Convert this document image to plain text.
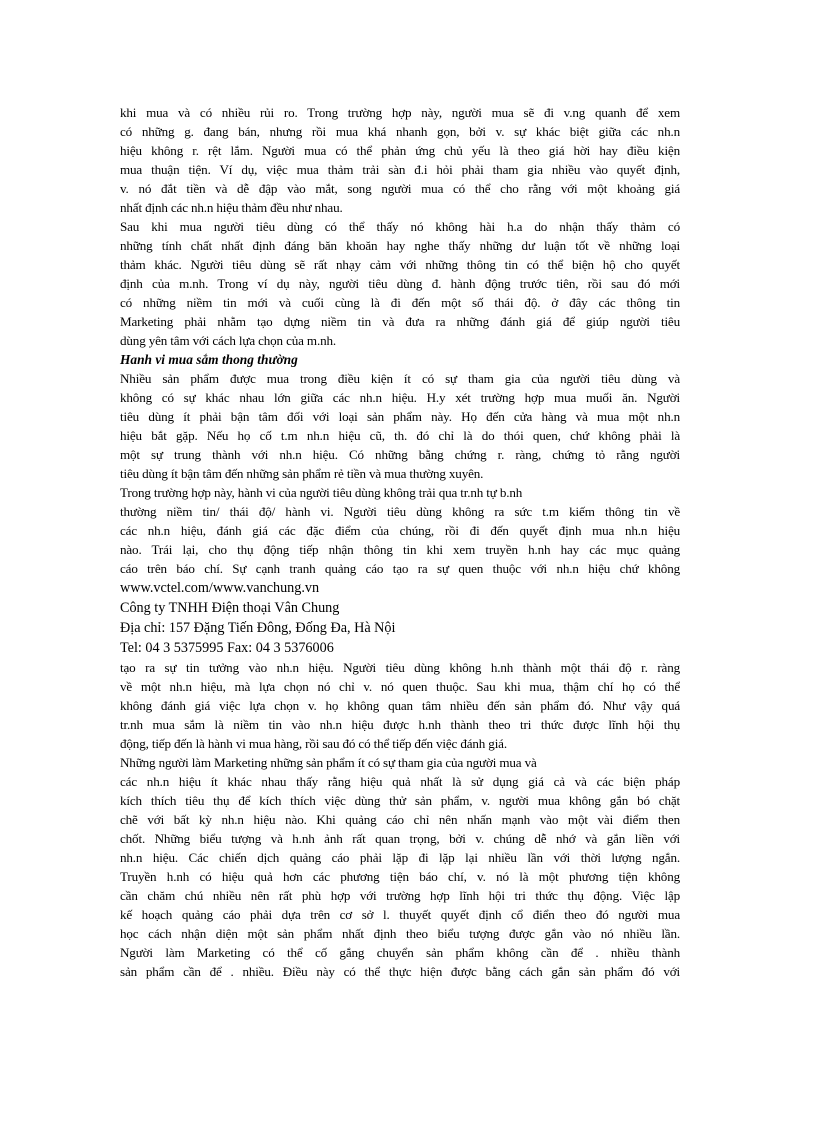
khi mua và có nhiều rủi ro. Trong trường hợp này, người mua sẽ đi v.ng quanh để xem
có những g. đang bán, nhưng rồi mua khá nhanh gọn, bởi v. sự khác biệt giữa các nh.n
hiệu không r. rệt lắm. Người mua có thể phản ứng chủ yếu là theo giá hời hay điều kiện
mua thuận tiện. Ví dụ, việc mua thảm trải sàn đ.i hỏi phải tham gia nhiều vào quyết định,
v. nó đắt tiền và dễ đập vào mắt, song người mua có thể cho rằng với một khoảng giá
nhất định các nh.n hiệu thảm đều như nhau.
Sau khi mua người tiêu dùng có thể thấy nó không hài h.a do nhận thấy thảm có
những tính chất nhất định đáng băn khoăn hay nghe thấy những dư luận tốt về những loại
thảm khác. Người tiêu dùng sẽ rất nhạy cảm với những thông tin có thể biện hộ cho quyết
định của m.nh. Trong ví dụ này, người tiêu dùng đ. hành động trước tiên, rồi sau đó mới
có những niềm tin mới và cuối cùng là đi đến một số thái độ. ở đây các thông tin
Marketing phải nhằm tạo dựng niềm tin và đưa ra những đánh giá để giúp người tiêu
dùng yên tâm với cách lựa chọn của m.nh.
Hanh vi mua sắm thong thường
Nhiều sản phẩm được mua trong điều kiện ít có sự tham gia của người tiêu dùng và
không có sự khác nhau lớn giữa các nh.n hiệu. H.y xét trường hợp mua muối ăn. Người
tiêu dùng ít phải bận tâm đối với loại sản phẩm này. Họ đến cửa hàng và mua một nh.n
hiệu bắt gặp. Nếu họ cố t.m nh.n hiệu cũ, th. đó chỉ là do thói quen, chứ không phải là
một sự trung thành với nh.n hiệu. Có những bằng chứng r. ràng, chứng tỏ rằng người
tiêu dùng ít bận tâm đến những sản phẩm rẻ tiền và mua thường xuyên.
Trong trường hợp này, hành vi của người tiêu dùng không trải qua tr.nh tự b.nh
thường niềm tin/ thái độ/ hành vi. Người tiêu dùng không ra sức t.m kiếm thông tin về
các nh.n hiệu, đánh giá các đặc điểm của chúng, rồi đi đến quyết định mua nh.n hiệu
nào. Trái lại, cho thụ động tiếp nhận thông tin khi xem truyền h.nh hay các mục quảng
cáo trên báo chí. Sự cạnh tranh quảng cáo tạo ra sự quen thuộc với nh.n hiệu chứ không
www.vctel.com/www.vanchung.vn
Công ty TNHH Điện thoại Vân Chung
Địa chỉ: 157 Đặng Tiến Đông, Đống Đa, Hà Nội
Tel: 04 3 5375995 Fax: 04 3 5376006
tạo ra sự tin tưởng vào nh.n hiệu. Người tiêu dùng không h.nh thành một thái độ r. ràng
về một nh.n hiệu, mà lựa chọn nó chỉ v. nó quen thuộc. Sau khi mua, thậm chí họ có thể
không đánh giá việc lựa chọn v. họ không quan tâm nhiều đến sản phẩm đó. Như vậy quá
tr.nh mua sắm là niềm tin vào nh.n hiệu được h.nh thành theo tri thức được lĩnh hội thụ
động, tiếp đến là hành vi mua hàng, rồi sau đó có thể tiếp đến việc đánh giá.
Những người làm Marketing những sản phẩm ít có sự tham gia của người mua và
các nh.n hiệu ít khác nhau thấy rằng hiệu quả nhất là sử dụng giá cả và các biện pháp
kích thích tiêu thụ để kích thích việc dùng thử sản phẩm, v. người mua không gắn bó chặt
chẽ với bất kỳ nh.n hiệu nào. Khi quảng cáo chỉ nên nhấn mạnh vào một vài điểm then
chốt. Những biểu tượng và h.nh ảnh rất quan trọng, bởi v. chúng dễ nhớ và gắn liền với
nh.n hiệu. Các chiến dịch quảng cáo phải lặp đi lặp lại nhiều lần với thời lượng ngắn.
Truyền h.nh có hiệu quả hơn các phương tiện báo chí, v. nó là một phương tiện không
cần chăm chú nhiều nên rất phù hợp với trường hợp lĩnh hội tri thức thụ động. Việc lập
kế hoạch quảng cáo phải dựa trên cơ sở l. thuyết quyết định cổ điển theo đó người mua
học cách nhận diện một sản phẩm nhất định theo biểu tượng được gắn vào nó nhiều lần.
Người làm Marketing có thể cố gắng chuyển sản phẩm không cần để . nhiều thành
sản phẩm cần để . nhiều. Điều này có thể thực hiện được bằng cách gắn sản phẩm đó với
